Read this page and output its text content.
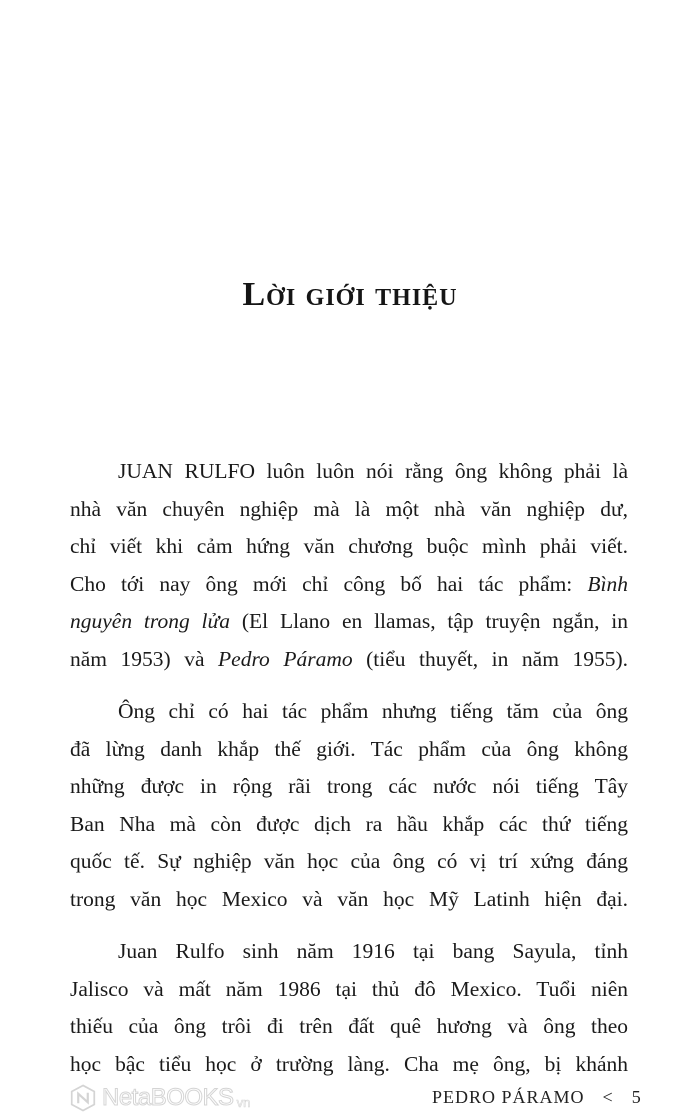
Lời giới thiệu
JUAN RULFO luôn luôn nói rằng ông không phải là
nhà văn chuyên nghiệp mà là một nhà văn nghiệp dư,
chỉ viết khi cảm hứng văn chương buộc mình phải viết.
Cho tới nay ông mới chỉ công bố hai tác phẩm: Bình
nguyên trong lửa (El Llano en llamas, tập truyện ngắn, in
năm 1953) và Pedro Páramo (tiểu thuyết, in năm 1955).
Ông chỉ có hai tác phẩm nhưng tiếng tăm của ông
đã lừng danh khắp thế giới. Tác phẩm của ông không
những được in rộng rãi trong các nước nói tiếng Tây
Ban Nha mà còn được dịch ra hầu khắp các thứ tiếng
quốc tế. Sự nghiệp văn học của ông có vị trí xứng đáng
trong văn học Mexico và văn học Mỹ Latinh hiện đại.
Juan Rulfo sinh năm 1916 tại bang Sayula, tỉnh
Jalisco và mất năm 1986 tại thủ đô Mexico. Tuổi niên
thiếu của ông trôi đi trên đất quê hương và ông theo
học bậc tiểu học ở trường làng. Cha mẹ ông, bị khánh
NetaBOOKS vn	PEDRO PÁRAMO < 5
